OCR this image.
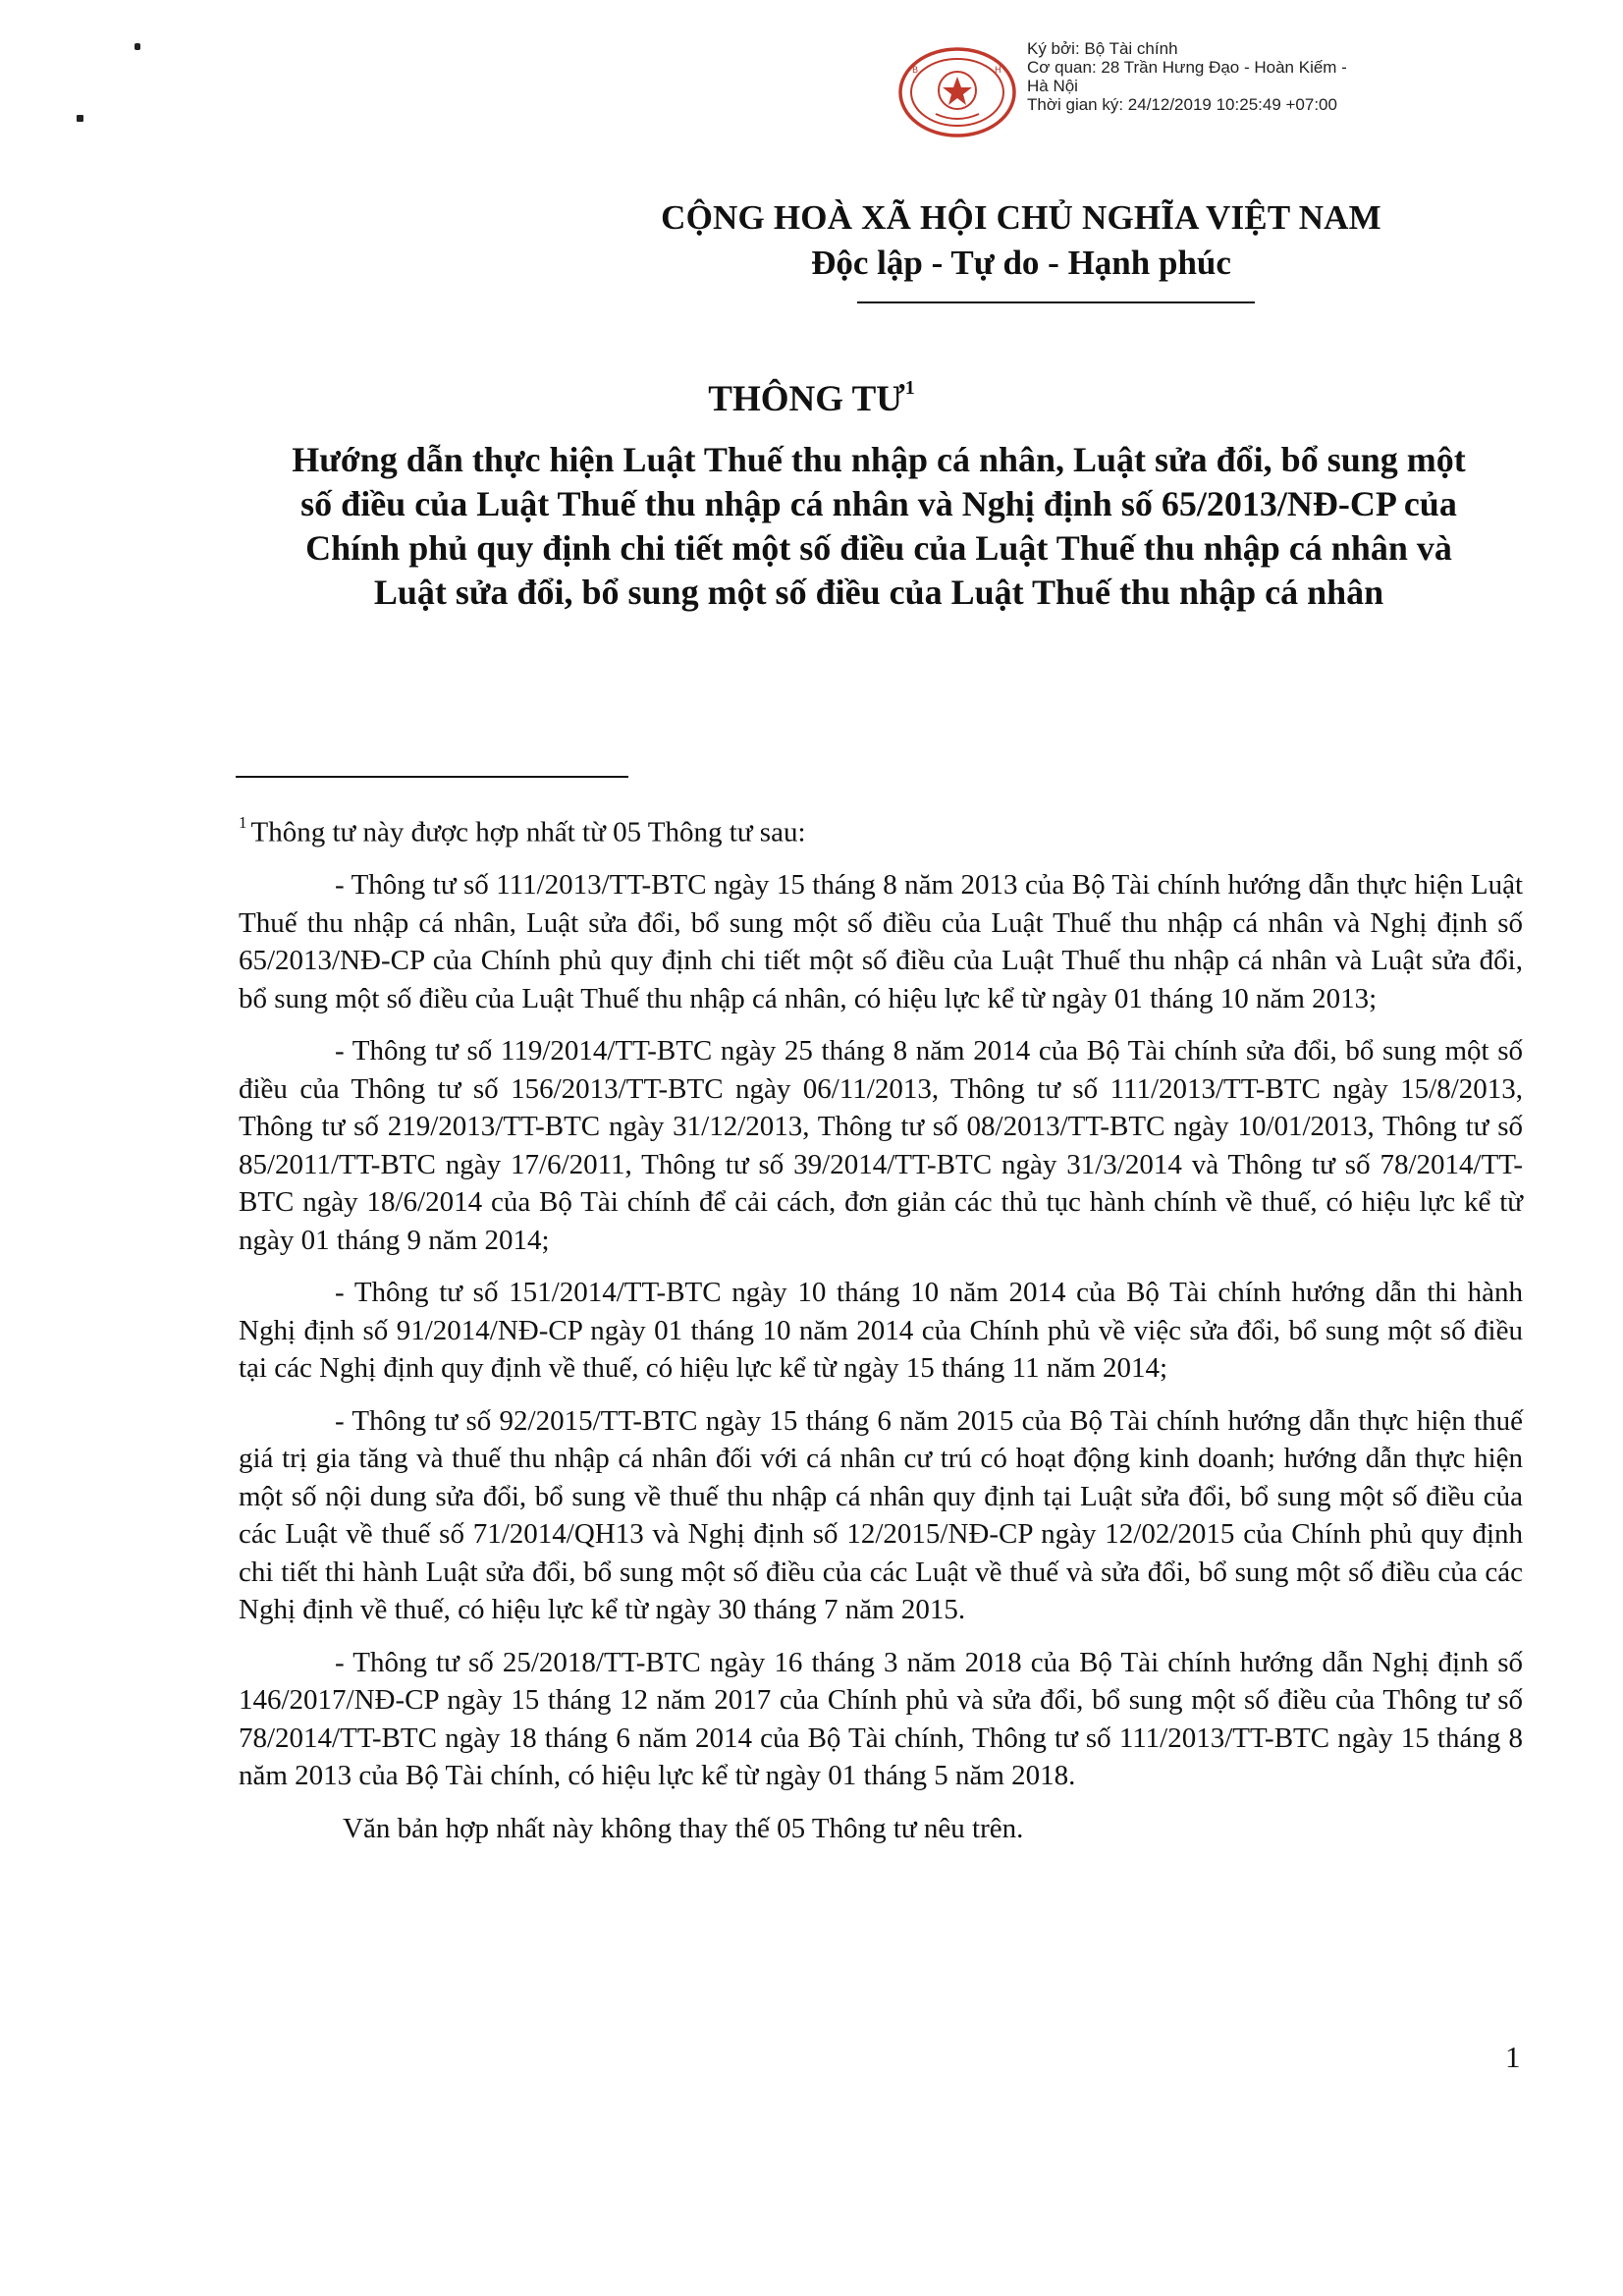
B	H
Ký bởi: Bộ Tài chính
Cơ quan: 28 Trần Hưng Đạo - Hoàn Kiếm -
Hà Nội
Thời gian ký: 24/12/2019 10:25:49 +07:00
CỘNG HOÀ XÃ HỘI CHỦ NGHĨA VIỆT NAM
Độc lập - Tự do - Hạnh phúc
THÔNG $TƯ^1$
Hướng dẫn thực hiện Luật Thuế thu nhập cá nhân, Luật sửa đổi, bổ sung một
số điều của Luật Thuế thu nhập cá nhân và Nghị định số 65/2013/NĐ-CP của
Chính phủ quy định chi tiết một số điều của Luật Thuế thu nhập cá nhân và
Luật sửa đổi, bổ sung một số điều của Luật Thuế thu nhập cá nhân
$^1$ Thông tư này được hợp nhất từ 05 Thông tư sau:
- Thông tư số 111/2013/TT-BTC ngày 15 tháng 8 năm 2013 của Bộ Tài chính hướng dẫn thực hiện Luật Thuế thu nhập cá nhân, Luật sửa đổi, bổ sung một số điều của Luật Thuế thu nhập cá nhân và Nghị định số 65/2013/NĐ-CP của Chính phủ quy định chi tiết một số điều của Luật Thuế thu nhập cá nhân và Luật sửa đổi, bổ sung một số điều của Luật Thuế thu nhập cá nhân, có hiệu lực kể từ ngày 01 tháng 10 năm 2013;
- Thông tư số 119/2014/TT-BTC ngày 25 tháng 8 năm 2014 của Bộ Tài chính sửa đổi, bổ sung một số điều của Thông tư số 156/2013/TT-BTC ngày 06/11/2013, Thông tư số 111/2013/TT-BTC ngày 15/8/2013, Thông tư số 219/2013/TT-BTC ngày 31/12/2013, Thông tư số 08/2013/TT-BTC ngày 10/01/2013, Thông tư số 85/2011/TT-BTC ngày 17/6/2011, Thông tư số 39/2014/TT-BTC ngày 31/3/2014 và Thông tư số 78/2014/TT-BTC ngày 18/6/2014 của Bộ Tài chính để cải cách, đơn giản các thủ tục hành chính về thuế, có hiệu lực kể từ ngày 01 tháng 9 năm 2014;
- Thông tư số 151/2014/TT-BTC ngày 10 tháng 10 năm 2014 của Bộ Tài chính hướng dẫn thi hành Nghị định số 91/2014/NĐ-CP ngày 01 tháng 10 năm 2014 của Chính phủ về việc sửa đổi, bổ sung một số điều tại các Nghị định quy định về thuế, có hiệu lực kể từ ngày 15 tháng 11 năm 2014;
- Thông tư số 92/2015/TT-BTC ngày 15 tháng 6 năm 2015 của Bộ Tài chính hướng dẫn thực hiện thuế giá trị gia tăng và thuế thu nhập cá nhân đối với cá nhân cư trú có hoạt động kinh doanh; hướng dẫn thực hiện một số nội dung sửa đổi, bổ sung về thuế thu nhập cá nhân quy định tại Luật sửa đổi, bổ sung một số điều của các Luật về thuế số 71/2014/QH13 và Nghị định số 12/2015/NĐ-CP ngày 12/02/2015 của Chính phủ quy định chi tiết thi hành Luật sửa đổi, bổ sung một số điều của các Luật về thuế và sửa đổi, bổ sung một số điều của các Nghị định về thuế, có hiệu lực kể từ ngày 30 tháng 7 năm 2015.
- Thông tư số 25/2018/TT-BTC ngày 16 tháng 3 năm 2018 của Bộ Tài chính hướng dẫn Nghị định số 146/2017/NĐ-CP ngày 15 tháng 12 năm 2017 của Chính phủ và sửa đổi, bổ sung một số điều của Thông tư số 78/2014/TT-BTC ngày 18 tháng 6 năm 2014 của Bộ Tài chính, Thông tư số 111/2013/TT-BTC ngày 15 tháng 8 năm 2013 của Bộ Tài chính, có hiệu lực kể từ ngày 01 tháng 5 năm 2018.
Văn bản hợp nhất này không thay thế 05 Thông tư nêu trên.
1
